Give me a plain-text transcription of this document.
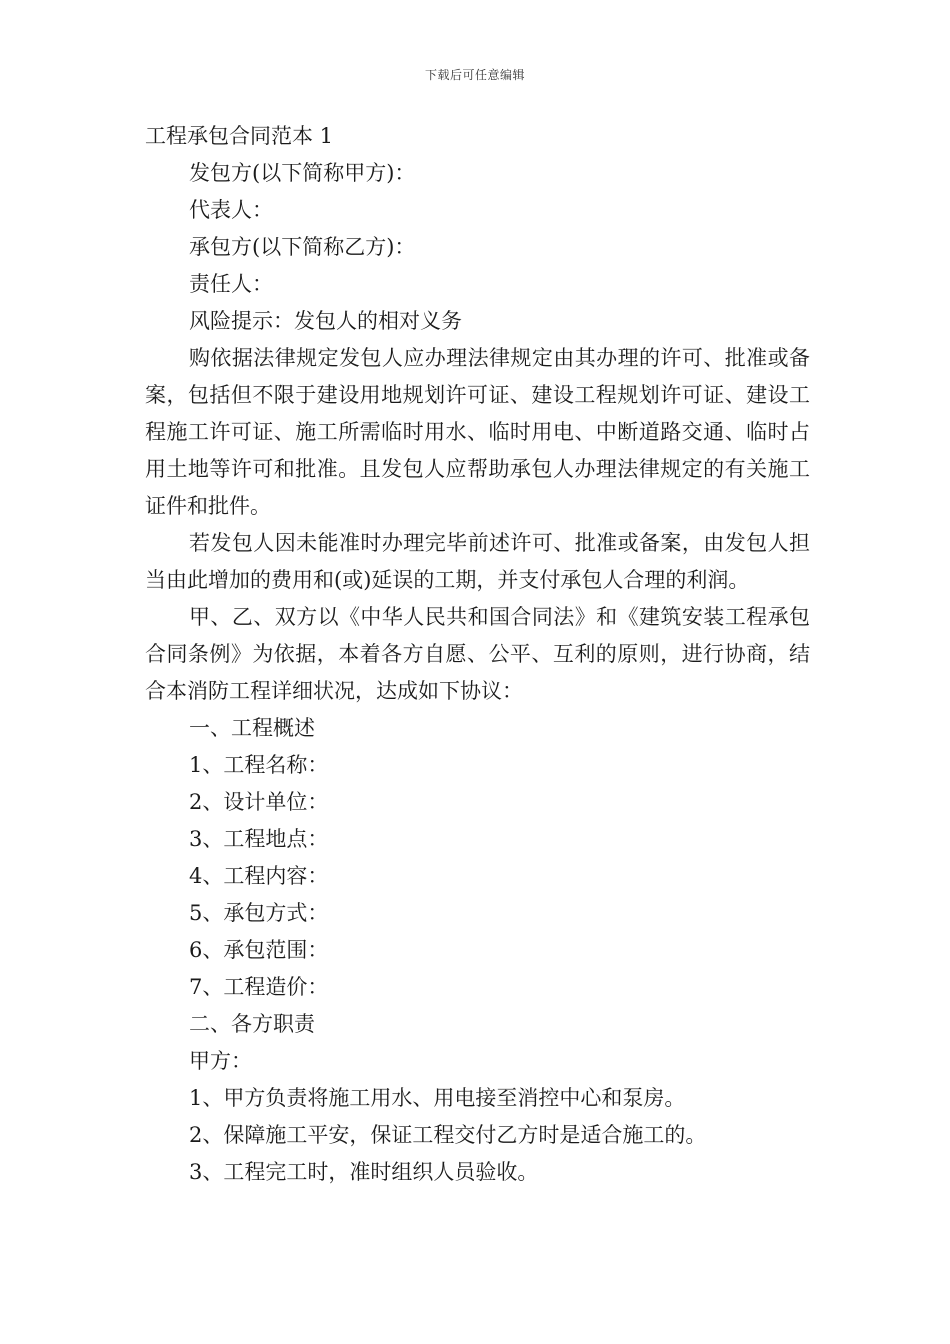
下载后可任意编辑

工程承包合同范本 1

发包方(以下简称甲方)：

代表人：

承包方(以下简称乙方)：

责任人：

风险提示：发包人的相对义务

购依据法律规定发包人应办理法律规定由其办理的许可、批准或备案，包括但不限于建设用地规划许可证、建设工程规划许可证、建设工程施工许可证、施工所需临时用水、临时用电、中断道路交通、临时占用土地等许可和批准。且发包人应帮助承包人办理法律规定的有关施工证件和批件。

若发包人因未能准时办理完毕前述许可、批准或备案，由发包人担当由此增加的费用和(或)延误的工期，并支付承包人合理的利润。

甲、乙、双方以《中华人民共和国合同法》和《建筑安装工程承包合同条例》为依据，本着各方自愿、公平、互利的原则，进行协商，结合本消防工程详细状况，达成如下协议：

一、工程概述

1、工程名称：

2、设计单位：

3、工程地点：

4、工程内容：

5、承包方式：

6、承包范围：

7、工程造价：

二、各方职责

甲方：

1、甲方负责将施工用水、用电接至消控中心和泵房。

2、保障施工平安，保证工程交付乙方时是适合施工的。

3、工程完工时，准时组织人员验收。
